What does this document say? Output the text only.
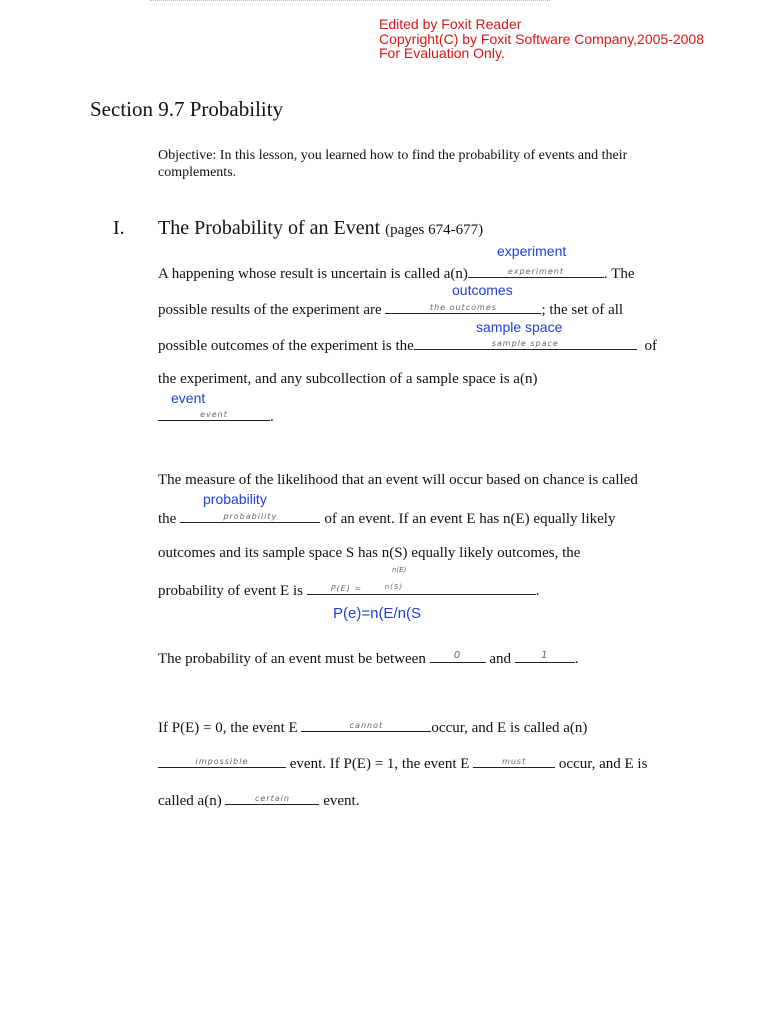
Edited by Foxit Reader
Copyright(C) by Foxit Software Company,2005-2008
For Evaluation Only.
Section 9.7 Probability
Objective: In this lesson, you learned how to find the probability of events and their
complements.
I. The Probability of an Event (pages 674-677)
experiment
A happening whose result is uncertain is called a(n)	experiment	. The
outcomes
possible results of the experiment are	the outcomes	; the set of all
sample space
possible outcomes of the experiment is the	sample space	of
the experiment, and any subcollection of a sample space is a(n)
event
event	.
The measure of the likelihood that an event will occur based on chance is called
probability
the	probability	of an event. If an event E has n(E) equally likely
outcomes and its sample space S has n(S) equally likely outcomes, the
n(E)
probability of event E is	P(E) =	n(S)	.
P(e)=n(E/n(S
The probability of an event must be between	0	and	1	.
If P(E) = 0, the event E	cannot	occur, and E is called a(n)
impossible	event. If P(E) = 1, the event E	must	occur, and E is
called a(n)	certain	event.
